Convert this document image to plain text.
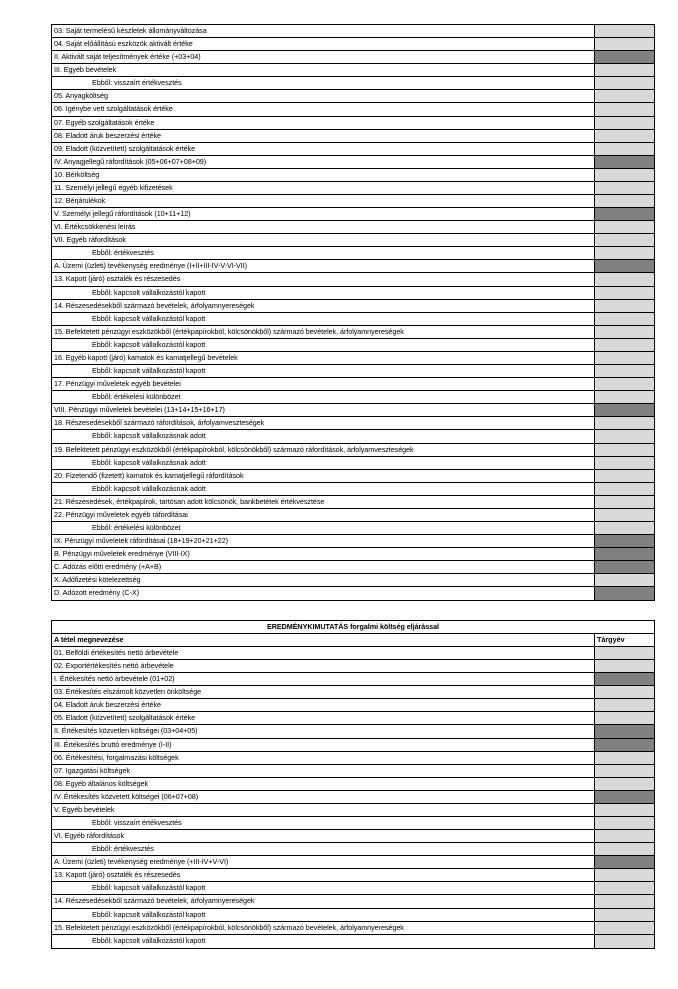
03. Saját termelésű készletek állományváltozása
04. Saját előállítású eszközök aktivált értéke
II. Aktivált saját teljesítmények értéke (+03+04)
III. Egyéb bevételek
Ebből: visszaírt értékvesztés
05. Anyagköltség
06. Igénybe vett szolgáltatások értéke
07. Egyéb szolgáltatások értéke
08. Eladott áruk beszerzési értéke
09. Eladott (közvetített) szolgáltatások értéke
IV. Anyagjellegű ráfordítások (05+06+07+08+09)
10. Bérköltség
11. Személyi jellegű egyéb kifizetések
12. Bérjárulékok
V. Személyi jellegű ráfordítások (10+11+12)
VI. Értékcsökkenési leírás
VII. Egyéb ráfordítások
Ebből: értékvesztés
A. Üzemi (üzleti) tevékenység eredménye (I+II+III-IV-V-VI-VII)
13. Kapott (járó) osztalék és részesedés
Ebből: kapcsolt vállalkozástól kapott
14. Részesedésekből származó bevételek, árfolyamnyereségek
Ebből: kapcsolt vállalkozástól kapott
15. Befektetett pénzügyi eszközökből (értékpapírokból, kölcsönökből) származó bevételek, árfolyamnyereségek
Ebből: kapcsolt vállalkozástól kapott
16. Egyéb kapott (járó) kamatok és kamatjellegű bevételek
Ebből: kapcsolt vállalkozástól kapott
17. Pénzügyi műveletek egyéb bevételei
Ebből: értékelési különbözet
VIII. Pénzügyi műveletek bevételei (13+14+15+16+17)
18. Részesedésekből származó ráfordítások, árfolyamveszteségek
Ebből: kapcsolt vállalkozásnak adott
19. Befektetett pénzügyi eszközökből (értékpapírokból, kölcsönökből) származó ráfordítások, árfolyamveszteségek
Ebből: kapcsolt vállalkozásnak adott
20. Fizetendő (fizetett) kamatok és kamatjellegű ráfordítások
Ebből: kapcsolt vállalkozásnak adott
21. Részesedések, értékpapírok, tartósan adott kölcsönök, bankbetétek értékvesztése
22. Pénzügyi műveletek egyéb ráfordításai
Ebből: értékelési különbözet
IX. Pénzügyi műveletek ráfordításai (18+19+20+21+22)
B. Pénzügyi műveletek eredménye (VIII-IX)
C. Adózás előtti eredmény (+A+B)
X. Adófizetési kötelezettség
D. Adózott eredmény (C-X)
EREDMÉNYKIMUTATÁS forgalmi költség eljárással
A tétel megnevezése	Tárgyév
01. Belföldi értékesítés nettó árbevétele
02. Exportértékesítés nettó árbevétele
I. Értékesítés nettó árbevétele (01+02)
03. Értékesítés elszámolt közvetlen önköltsége
04. Eladott áruk beszerzési értéke
05. Eladott (közvetített) szolgáltatások értéke
II. Értékesítés közvetlen költségei (03+04+05)
III. Értékesítés bruttó eredménye (I-II)
06. Értékesítési, forgalmazási költségek
07. Igazgatási költségek
08. Egyéb általános költségek
IV. Értékesítés közvetett költségei (06+07+08)
V. Egyéb bevételek
Ebből: visszaírt értékvesztés
VI. Egyéb ráfordítások
Ebből: értékvesztés
A. Üzemi (üzleti) tevékenység eredménye (+III-IV+V-VI)
13. Kapott (járó) osztalék és részesedés
Ebből: kapcsolt vállalkozástól kapott
14. Részesedésekből származó bevételek, árfolyamnyereségek
Ebből: kapcsolt vállalkozástól kapott
15. Befektetett pénzügyi eszközökből (értékpapírokból, kölcsönökből) származó bevételek, árfolyamnyereségek
Ebből: kapcsolt vállalkozástól kapott
